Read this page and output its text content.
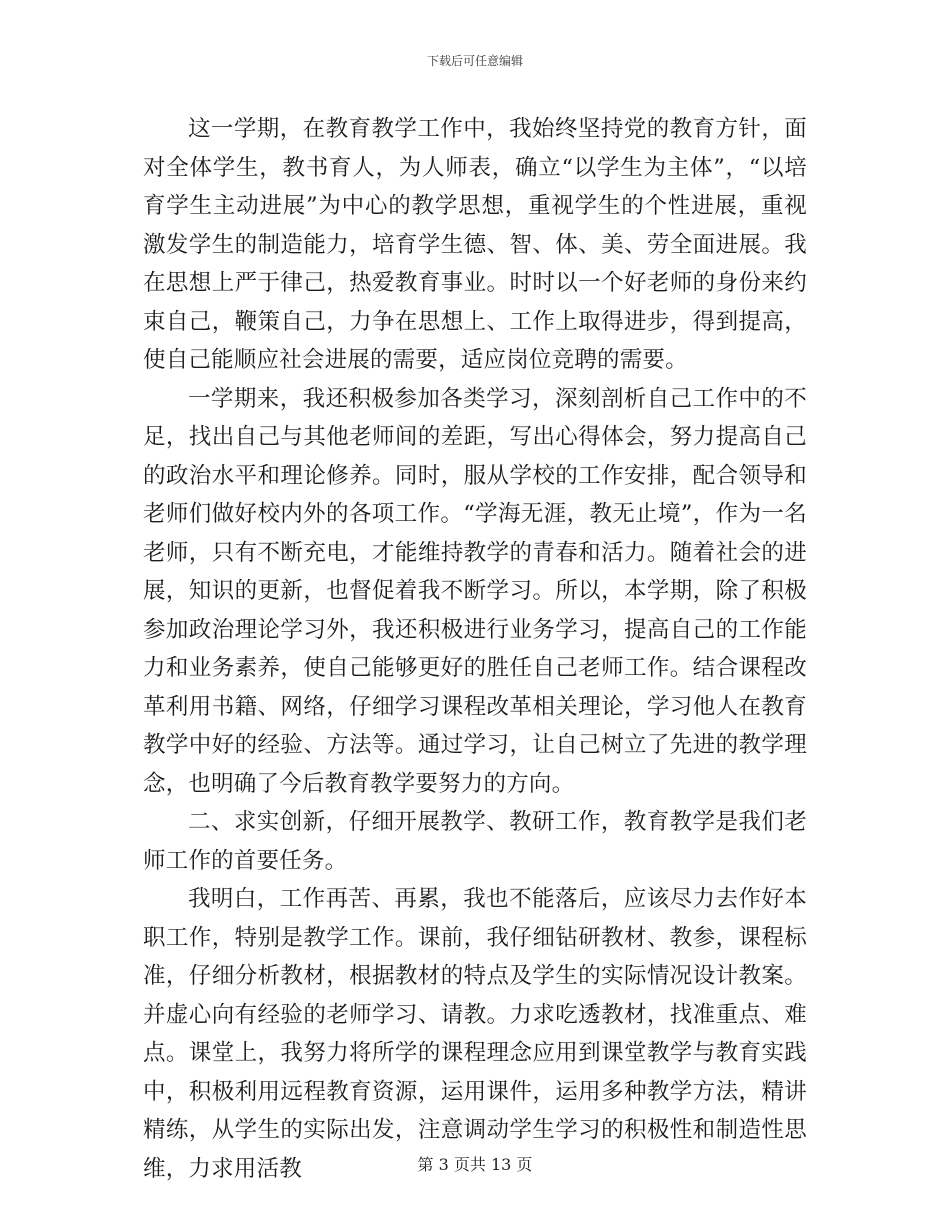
下载后可任意编辑

这一学期，在教育教学工作中，我始终坚持党的教育方针，面对全体学生，教书育人，为人师表，确立“以学生为主体”，“以培育学生主动进展”为中心的教学思想，重视学生的个性进展，重视激发学生的制造能力，培育学生德、智、体、美、劳全面进展。我在思想上严于律己，热爱教育事业。时时以一个好老师的身份来约束自己，鞭策自己，力争在思想上、工作上取得进步，得到提高，使自己能顺应社会进展的需要，适应岗位竞聘的需要。

一学期来，我还积极参加各类学习，深刻剖析自己工作中的不足，找出自己与其他老师间的差距，写出心得体会，努力提高自己的政治水平和理论修养。同时，服从学校的工作安排，配合领导和老师们做好校内外的各项工作。“学海无涯，教无止境”，作为一名老师，只有不断充电，才能维持教学的青春和活力。随着社会的进展，知识的更新，也督促着我不断学习。所以，本学期，除了积极参加政治理论学习外，我还积极进行业务学习，提高自己的工作能力和业务素养，使自己能够更好的胜任自己老师工作。结合课程改革利用书籍、网络，仔细学习课程改革相关理论，学习他人在教育教学中好的经验、方法等。通过学习，让自己树立了先进的教学理念，也明确了今后教育教学要努力的方向。

二、求实创新，仔细开展教学、教研工作，教育教学是我们老师工作的首要任务。

我明白，工作再苦、再累，我也不能落后，应该尽力去作好本职工作，特别是教学工作。课前，我仔细钻研教材、教参，课程标准，仔细分析教材，根据教材的特点及学生的实际情况设计教案。并虚心向有经验的老师学习、请教。力求吃透教材，找准重点、难点。课堂上，我努力将所学的课程理念应用到课堂教学与教育实践中，积极利用远程教育资源，运用课件，运用多种教学方法，精讲精练，从学生的实际出发，注意调动学生学习的积极性和制造性思维，力求用活教	第 3 页共 13 页
